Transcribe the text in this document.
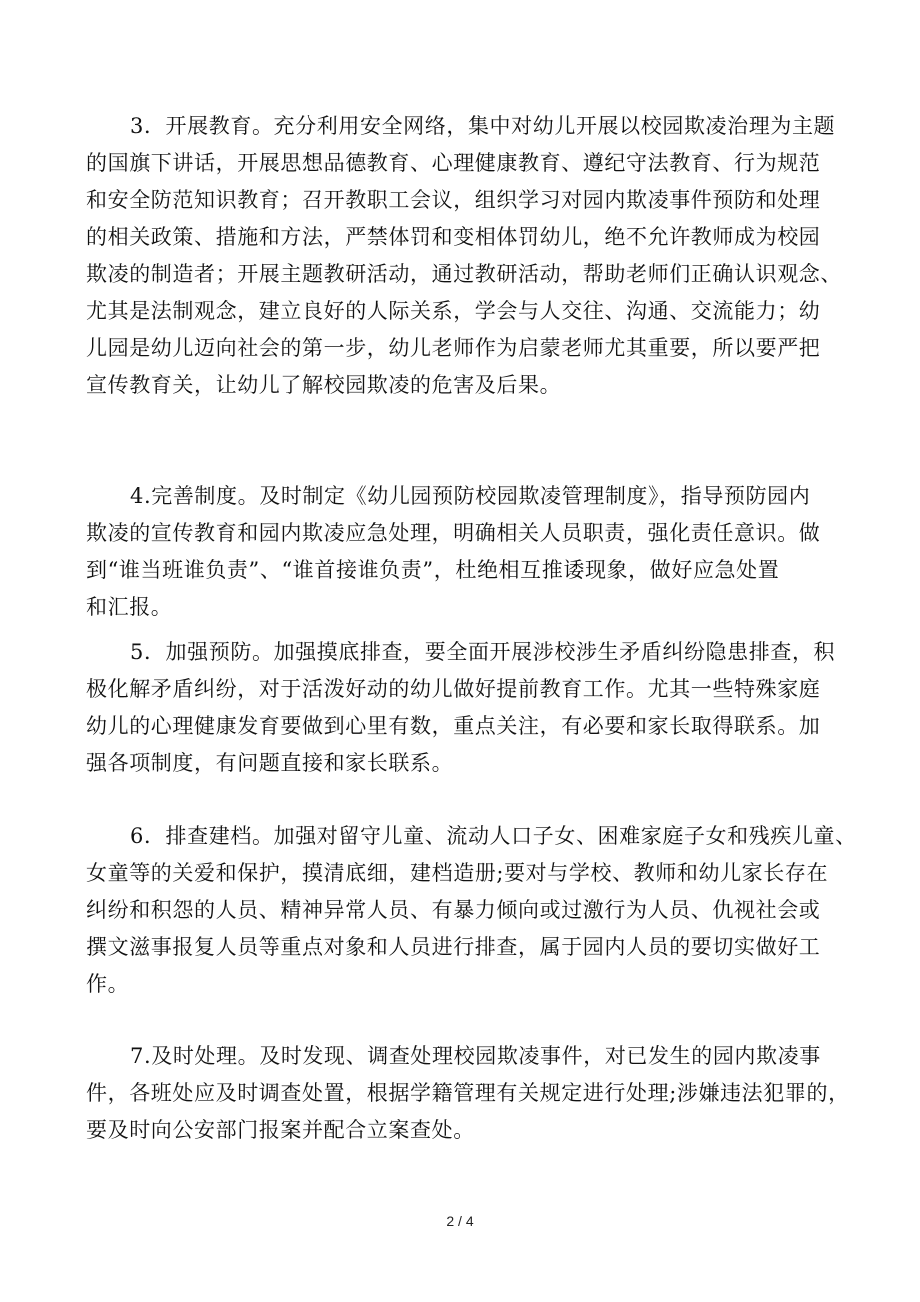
3．开展教育。充分利用安全网络，集中对幼儿开展以校园欺凌治理为主题
的国旗下讲话，开展思想品德教育、心理健康教育、遵纪守法教育、行为规范
和安全防范知识教育；召开教职工会议，组织学习对园内欺凌事件预防和处理
的相关政策、措施和方法，严禁体罚和变相体罚幼儿，绝不允许教师成为校园
欺凌的制造者；开展主题教研活动，通过教研活动，帮助老师们正确认识观念、
尤其是法制观念，建立良好的人际关系，学会与人交往、沟通、交流能力；幼
儿园是幼儿迈向社会的第一步，幼儿老师作为启蒙老师尤其重要，所以要严把
宣传教育关，让幼儿了解校园欺凌的危害及后果。
4.完善制度。及时制定《幼儿园预防校园欺凌管理制度》，指导预防园内
欺凌的宣传教育和园内欺凌应急处理，明确相关人员职责，强化责任意识。做
到“谁当班谁负责”、“谁首接谁负责”，杜绝相互推诿现象，做好应急处置
和汇报。
5．加强预防。加强摸底排查，要全面开展涉校涉生矛盾纠纷隐患排查，积
极化解矛盾纠纷，对于活泼好动的幼儿做好提前教育工作。尤其一些特殊家庭
幼儿的心理健康发育要做到心里有数，重点关注，有必要和家长取得联系。加
强各项制度，有问题直接和家长联系。
6．排查建档。加强对留守儿童、流动人口子女、困难家庭子女和残疾儿童、
女童等的关爱和保护，摸清底细，建档造册;要对与学校、教师和幼儿家长存在
纠纷和积怨的人员、精神异常人员、有暴力倾向或过激行为人员、仇视社会或
撰文滋事报复人员等重点对象和人员进行排查，属于园内人员的要切实做好工
作。
7.及时处理。及时发现、调查处理校园欺凌事件，对已发生的园内欺凌事
件，各班处应及时调查处置，根据学籍管理有关规定进行处理;涉嫌违法犯罪的，
要及时向公安部门报案并配合立案查处。
2 / 4
